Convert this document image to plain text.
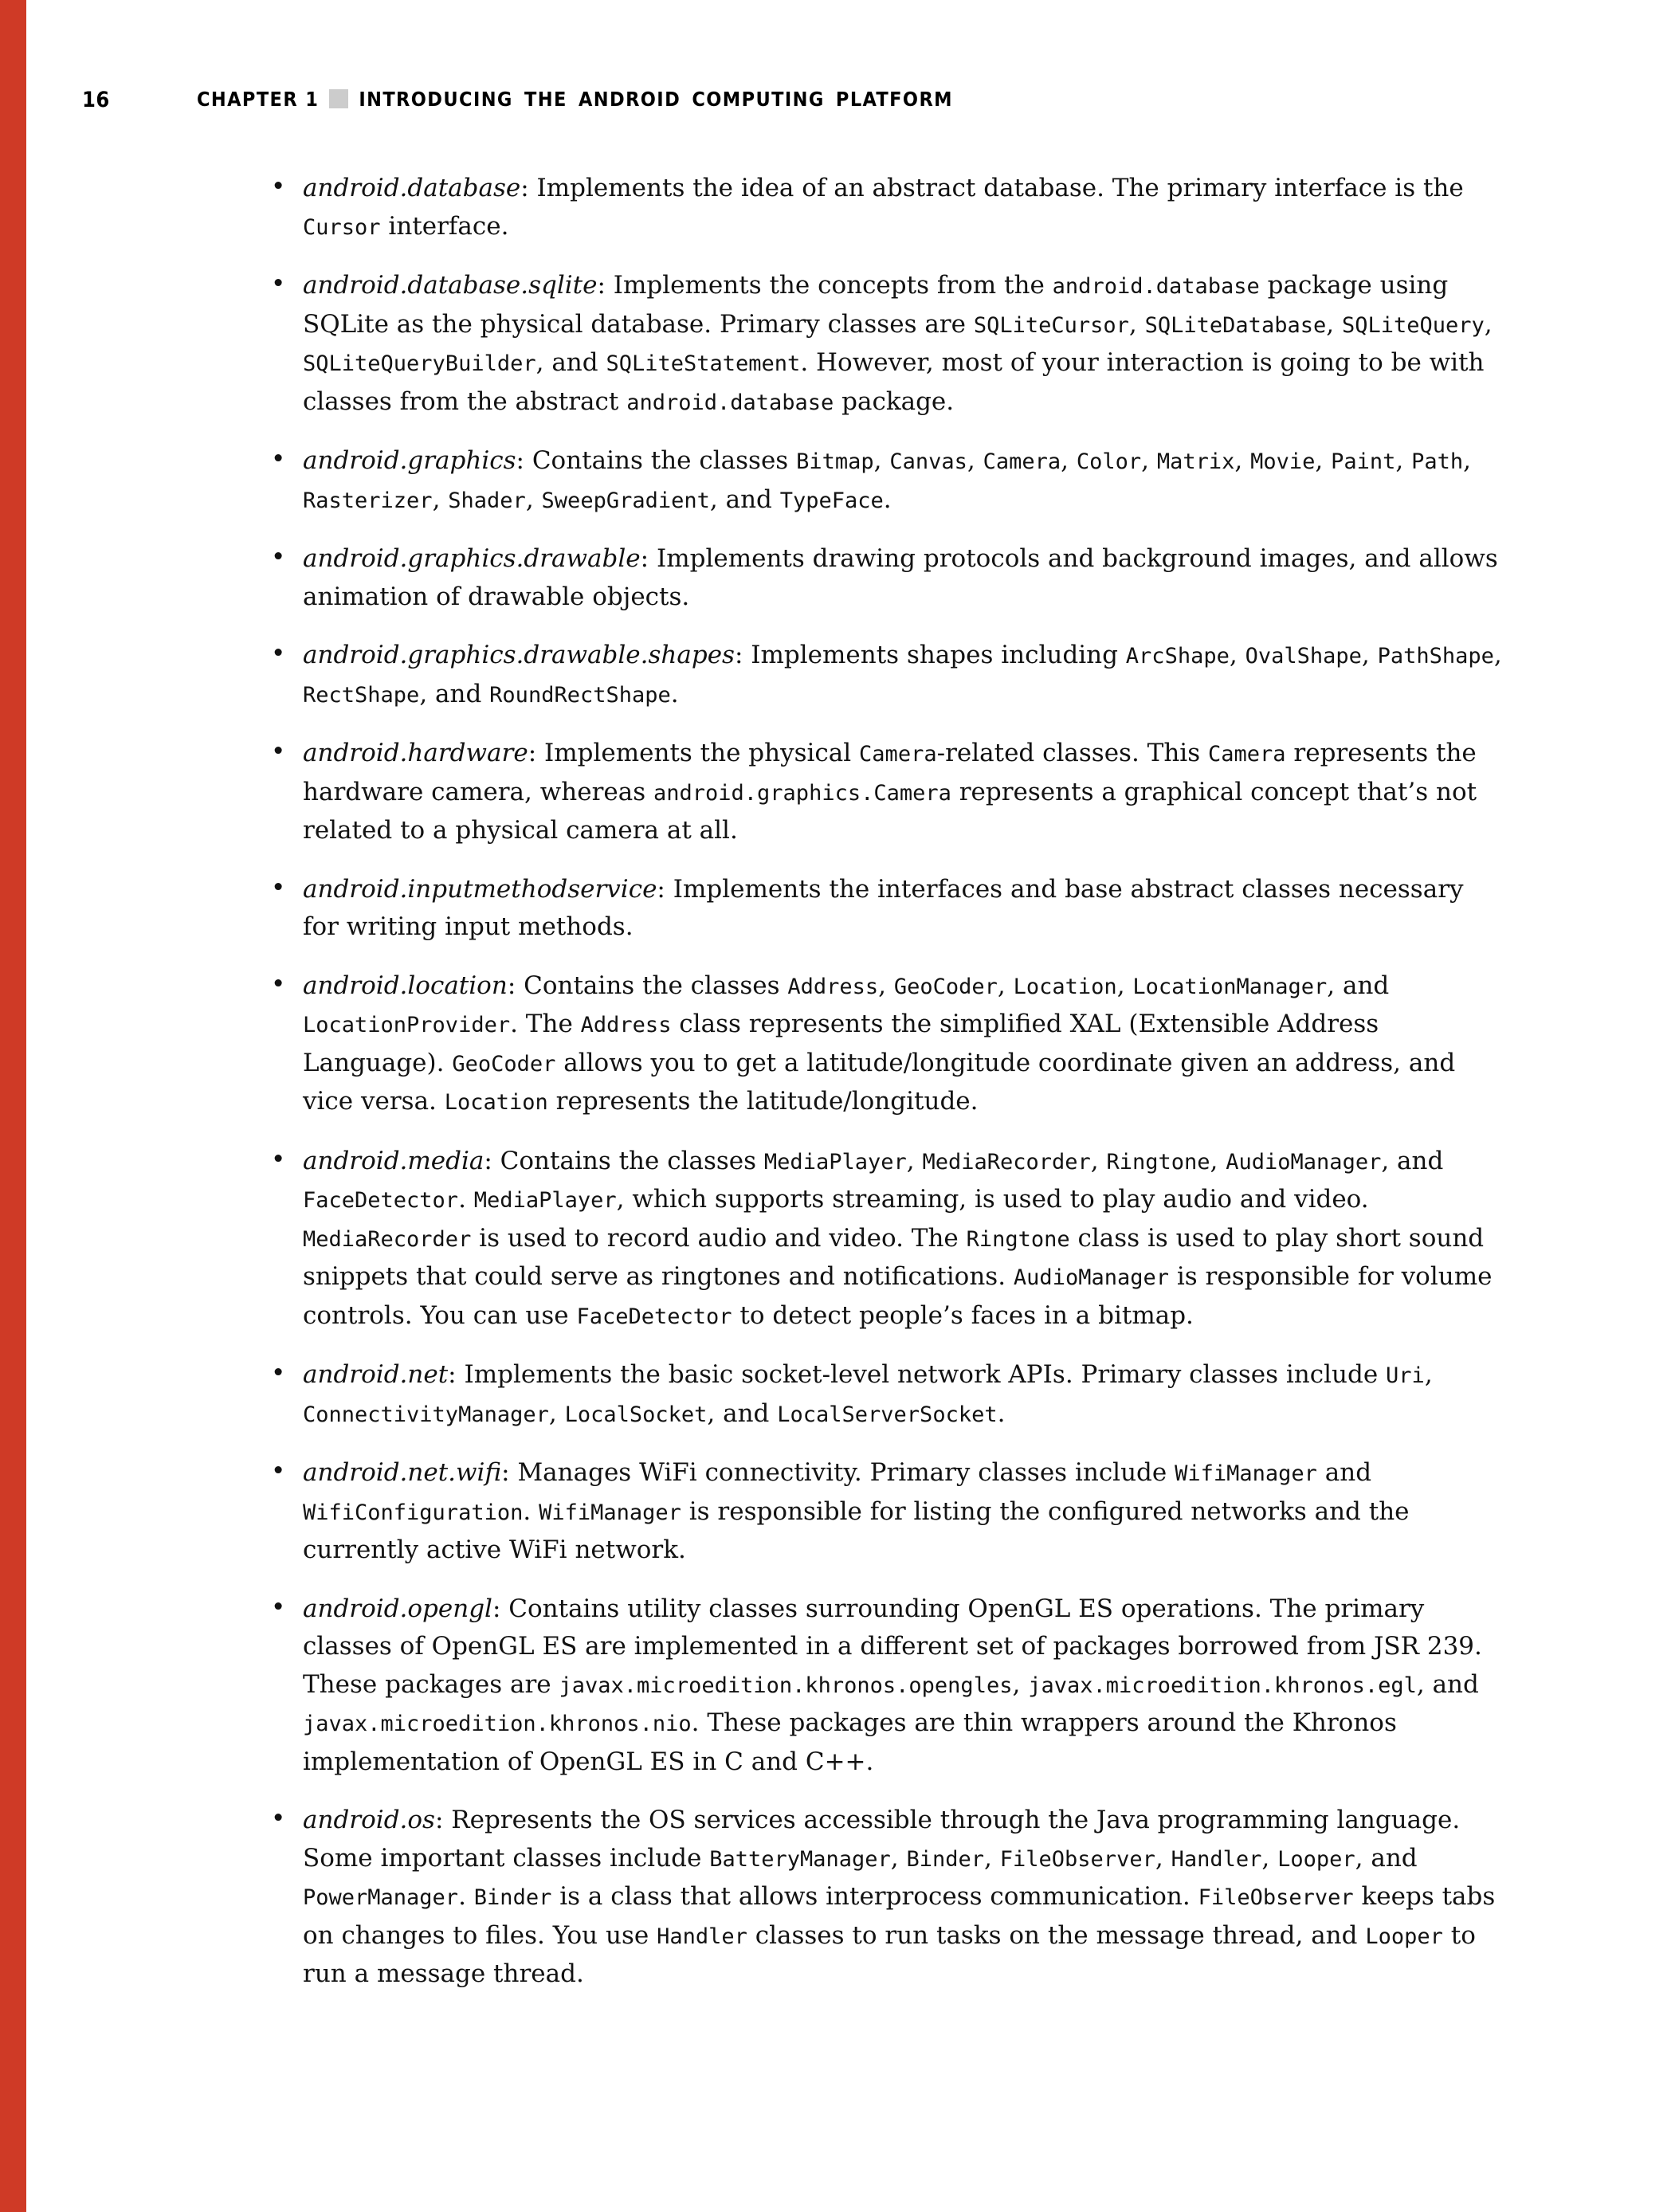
16	CHAPTER 1 INTRODUCING THE ANDROID COMPUTING PLATFORM
• android.database: Implements the idea of an abstract database. The primary interface is the Cursor interface.
• android.database.sqlite: Implements the concepts from the android.database package using SQLite as the physical database. Primary classes are SQLiteCursor, SQLiteDatabase, SQLiteQuery, SQLiteQueryBuilder, and SQLiteStatement. However, most of your interaction is going to be with classes from the abstract android.database package.
• android.graphics: Contains the classes Bitmap, Canvas, Camera, Color, Matrix, Movie, Paint, Path, Rasterizer, Shader, SweepGradient, and TypeFace.
• android.graphics.drawable: Implements drawing protocols and background images, and allows animation of drawable objects.
• android.graphics.drawable.shapes: Implements shapes including ArcShape, OvalShape, PathShape, RectShape, and RoundRectShape.
• android.hardware: Implements the physical Camera-related classes. This Camera represents the hardware camera, whereas android.graphics.Camera represents a graphical concept that’s not related to a physical camera at all.
• android.inputmethodservice: Implements the interfaces and base abstract classes necessary for writing input methods.
• android.location: Contains the classes Address, GeoCoder, Location, LocationManager, and LocationProvider. The Address class represents the simplified XAL (Extensible Address Language). GeoCoder allows you to get a latitude/longitude coordinate given an address, and vice versa. Location represents the latitude/longitude.
• android.media: Contains the classes MediaPlayer, MediaRecorder, Ringtone, AudioManager, and FaceDetector. MediaPlayer, which supports streaming, is used to play audio and video. MediaRecorder is used to record audio and video. The Ringtone class is used to play short sound snippets that could serve as ringtones and notifications. AudioManager is responsible for volume controls. You can use FaceDetector to detect people’s faces in a bitmap.
• android.net: Implements the basic socket-level network APIs. Primary classes include Uri, ConnectivityManager, LocalSocket, and LocalServerSocket.
• android.net.wifi: Manages WiFi connectivity. Primary classes include WifiManager and WifiConfiguration. WifiManager is responsible for listing the configured networks and the currently active WiFi network.
• android.opengl: Contains utility classes surrounding OpenGL ES operations. The primary classes of OpenGL ES are implemented in a different set of packages borrowed from JSR 239. These packages are javax.microedition.khronos.opengles, javax.microedition.khronos.egl, and javax.microedition.khronos.nio. These packages are thin wrappers around the Khronos implementation of OpenGL ES in C and C++.
• android.os: Represents the OS services accessible through the Java programming language. Some important classes include BatteryManager, Binder, FileObserver, Handler, Looper, and PowerManager. Binder is a class that allows interprocess communication. FileObserver keeps tabs on changes to files. You use Handler classes to run tasks on the message thread, and Looper to run a message thread.
